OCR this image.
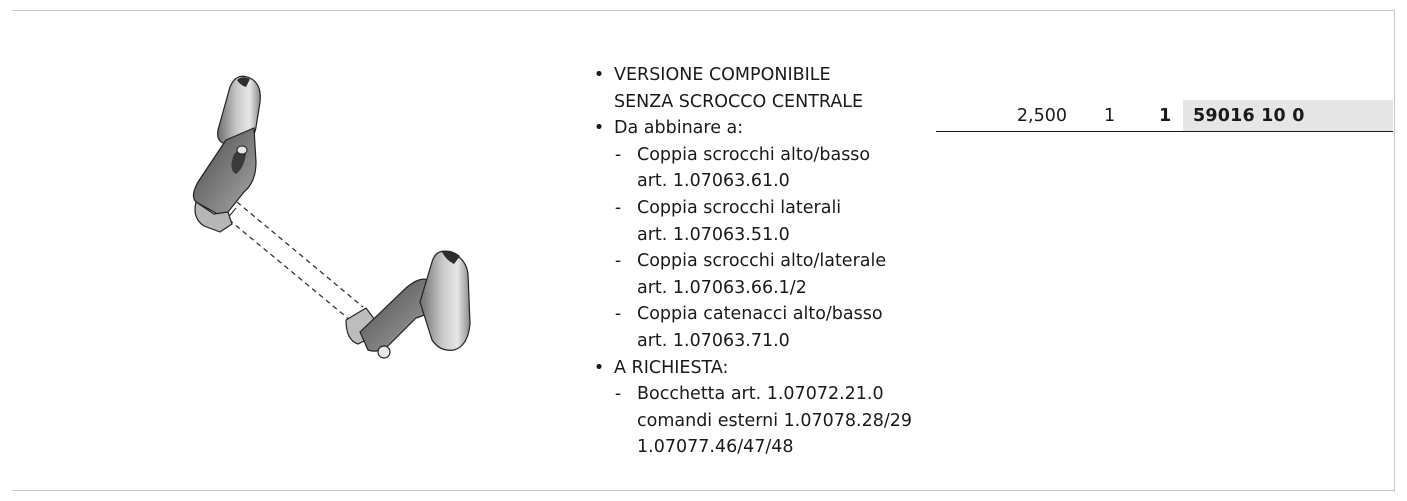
• VERSIONE COMPONIBILE
SENZA SCROCCO CENTRALE
• Da abbinare a:
- Coppia scrocchi alto/basso
art. 1.07063.61.0
- Coppia scrocchi laterali
art. 1.07063.51.0
- Coppia scrocchi alto/laterale
art. 1.07063.66.1/2
- Coppia catenacci alto/basso
art. 1.07063.71.0
• A RICHIESTA:
- Bocchetta art. 1.07072.21.0
comandi esterni 1.07078.28/29
1.07077.46/47/48
2,500 1	1 59016 10 0
